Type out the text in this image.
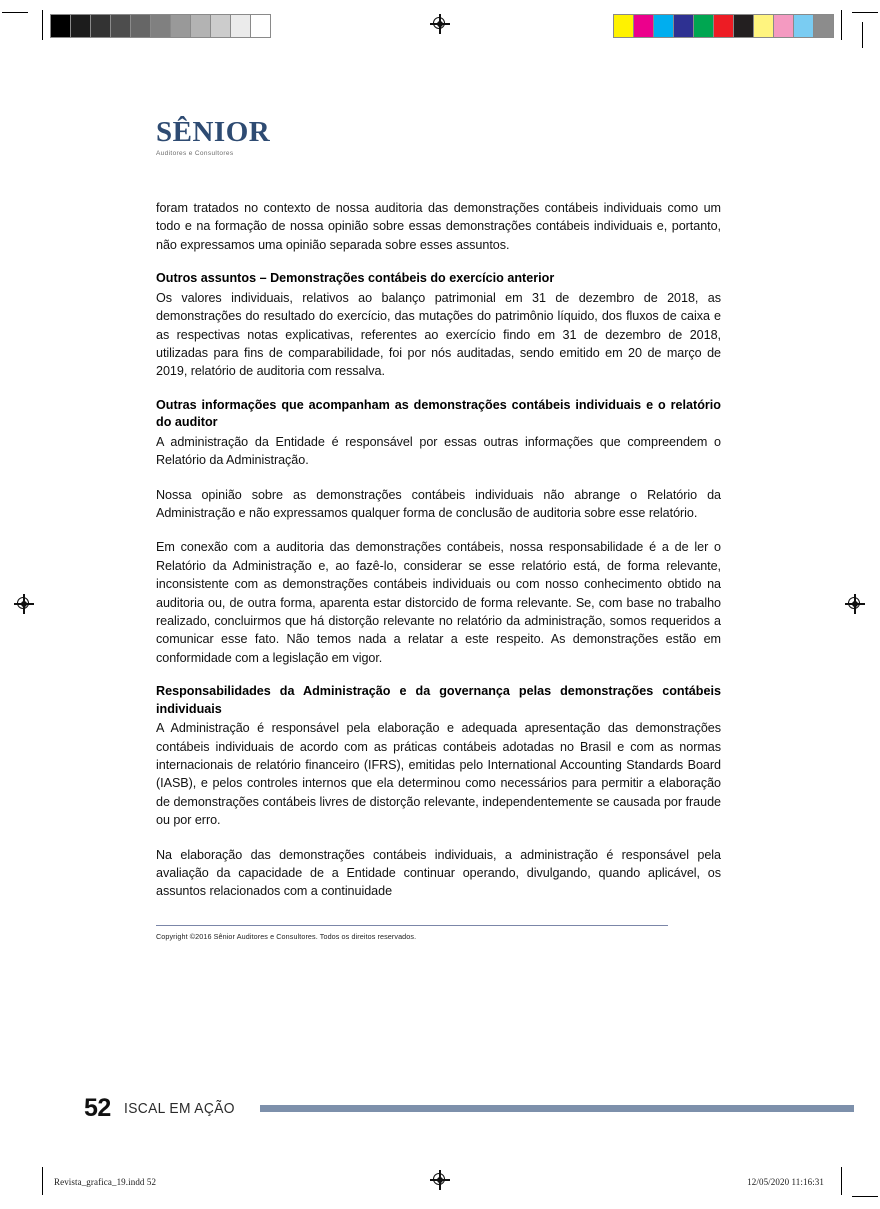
SÊNIOR
Auditores e Consultores

foram tratados no contexto de nossa auditoria das demonstrações contábeis individuais como um todo e na formação de nossa opinião sobre essas demonstrações contábeis individuais e, portanto, não expressamos uma opinião separada sobre esses assuntos.

Outros assuntos – Demonstrações contábeis do exercício anterior

Os valores individuais, relativos ao balanço patrimonial em 31 de dezembro de 2018, as demonstrações do resultado do exercício, das mutações do patrimônio líquido, dos fluxos de caixa e as respectivas notas explicativas, referentes ao exercício findo em 31 de dezembro de 2018, utilizadas para fins de comparabilidade, foi por nós auditadas, sendo emitido em 20 de março de 2019, relatório de auditoria com ressalva.

Outras informações que acompanham as demonstrações contábeis individuais e o relatório do auditor

A administração da Entidade é responsável por essas outras informações que compreendem o Relatório da Administração.

Nossa opinião sobre as demonstrações contábeis individuais não abrange o Relatório da Administração e não expressamos qualquer forma de conclusão de auditoria sobre esse relatório.

Em conexão com a auditoria das demonstrações contábeis, nossa responsabilidade é a de ler o Relatório da Administração e, ao fazê-lo, considerar se esse relatório está, de forma relevante, inconsistente com as demonstrações contábeis individuais ou com nosso conhecimento obtido na auditoria ou, de outra forma, aparenta estar distorcido de forma relevante. Se, com base no trabalho realizado, concluirmos que há distorção relevante no relatório da administração, somos requeridos a comunicar esse fato. Não temos nada a relatar a este respeito. As demonstrações estão em conformidade com a legislação em vigor.

Responsabilidades da Administração e da governança pelas demonstrações contábeis individuais

A Administração é responsável pela elaboração e adequada apresentação das demonstrações contábeis individuais de acordo com as práticas contábeis adotadas no Brasil e com as normas internacionais de relatório financeiro (IFRS), emitidas pelo International Accounting Standards Board (IASB), e pelos controles internos que ela determinou como necessários para permitir a elaboração de demonstrações contábeis livres de distorção relevante, independentemente se causada por fraude ou por erro.

Na elaboração das demonstrações contábeis individuais, a administração é responsável pela avaliação da capacidade de a Entidade continuar operando, divulgando, quando aplicável, os assuntos relacionados com a continuidade

Copyright ©2016 Sênior Auditores e Consultores. Todos os direitos reservados.
52 ISCAL EM AÇÃO
Revista_grafica_19.indd 52	12/05/2020 11:16:31
